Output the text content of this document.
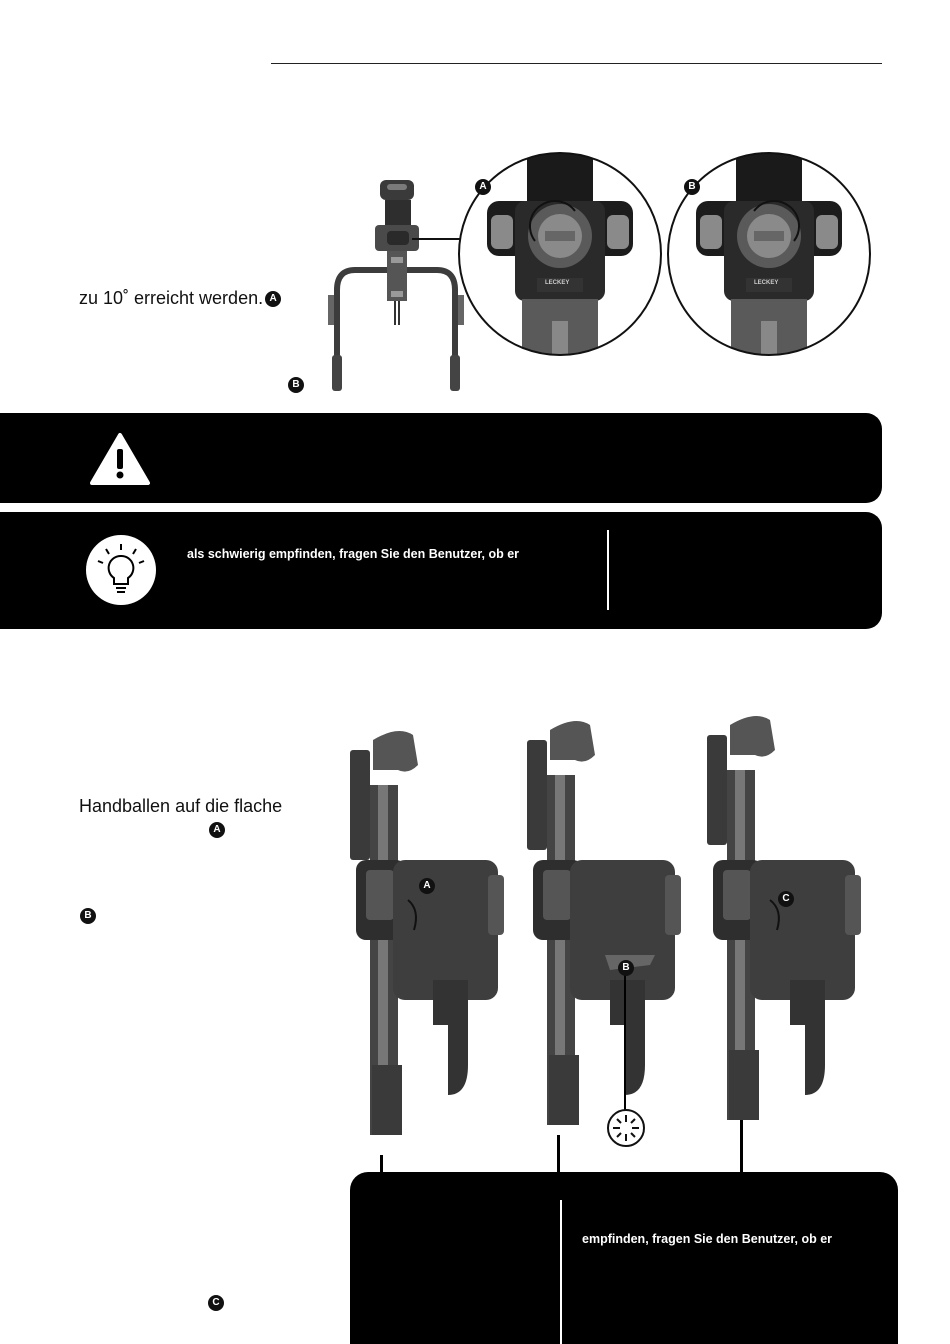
zu 10˚ erreicht werden. A
B
LECKEY
A
LECKEY
B
als schwierig empfinden, fragen Sie den Benutzer, ob er
Handballen auf die flache
A
B
C
A
B
C
empfinden, fragen Sie den Benutzer, ob er
